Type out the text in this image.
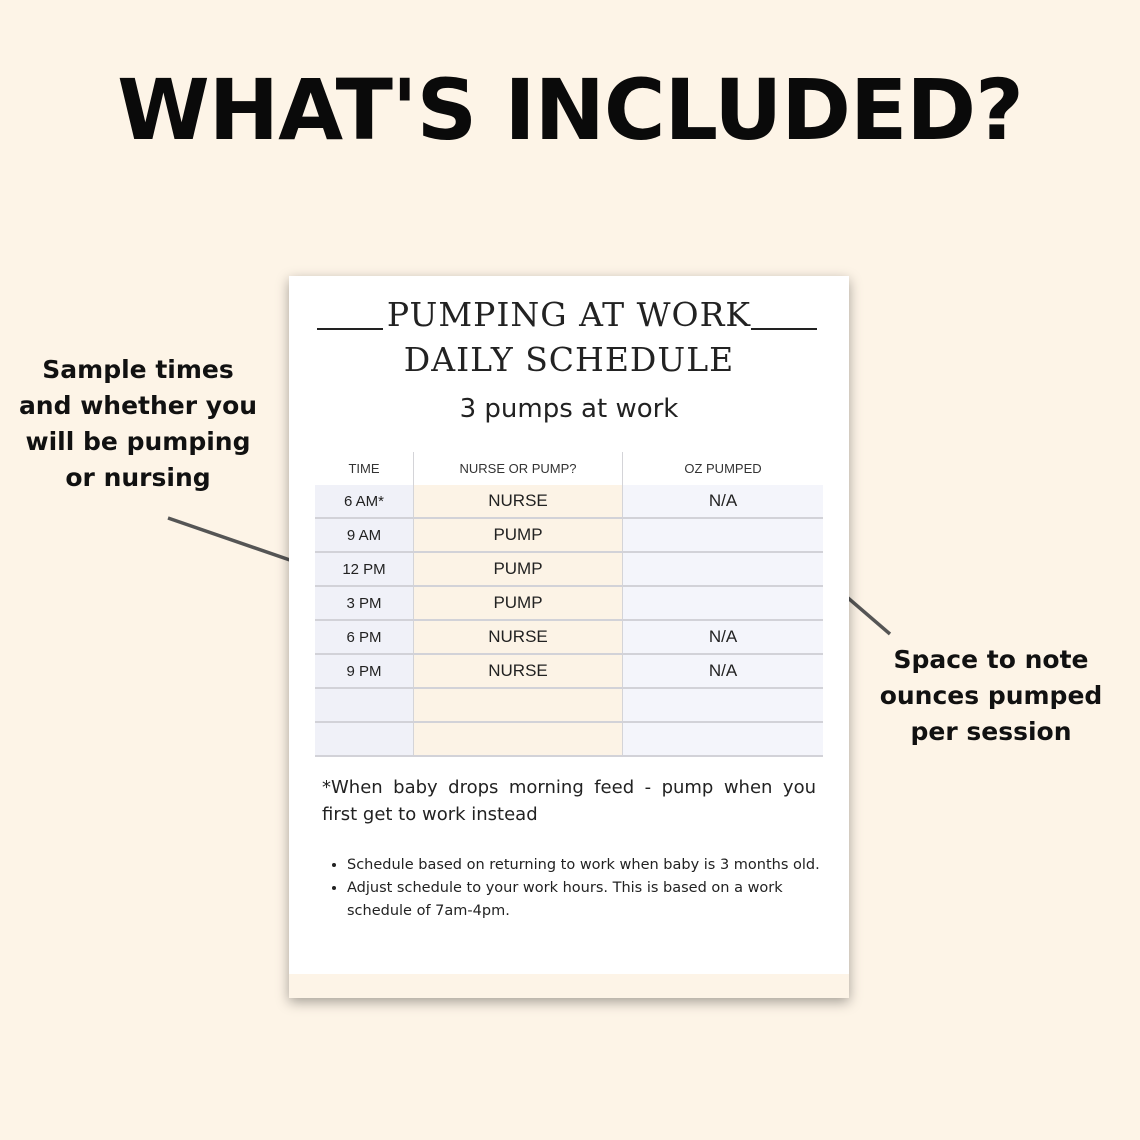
WHAT'S INCLUDED?
Sample times and whether you will be pumping or nursing
Space to note ounces pumped per session
PUMPING AT WORK
DAILY SCHEDULE
3 pumps at work
TIME	NURSE OR PUMP?	OZ PUMPED
6 AM*	NURSE	N/A
9 AM	PUMP
12 PM	PUMP
3 PM	PUMP
6 PM	NURSE	N/A
9 PM	NURSE	N/A
*When baby drops morning feed - pump when you first get to work instead
• Schedule based on returning to work when baby is 3 months old.
• Adjust schedule to your work hours. This is based on a work schedule of 7am-4pm.
